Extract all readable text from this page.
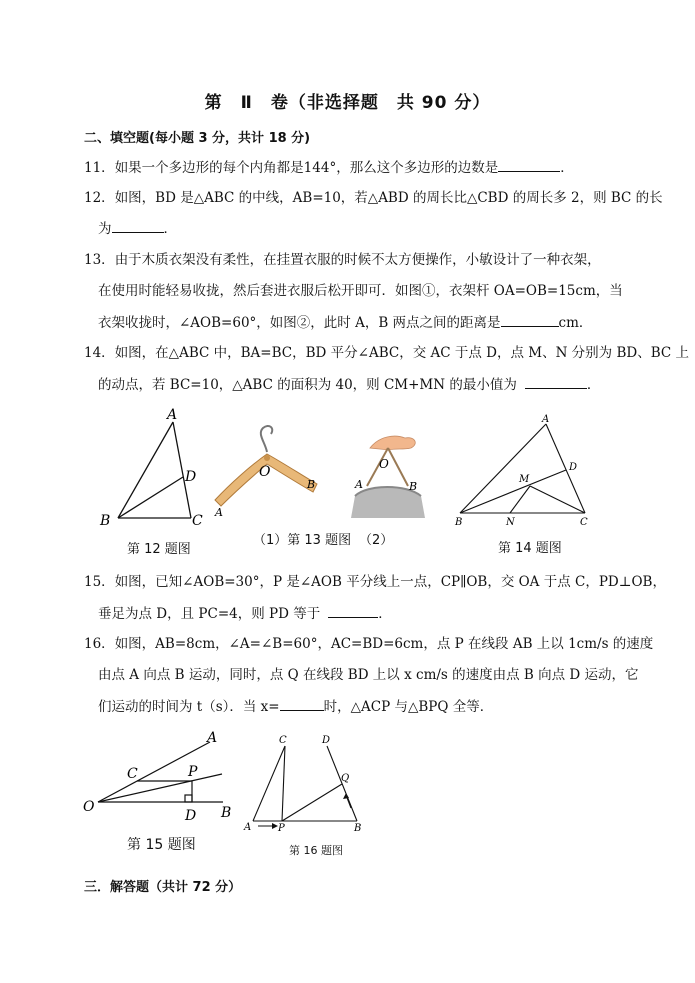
第　Ⅱ　卷（非选择题　共 90 分）
二、填空题(每小题 3 分，共计 18 分)
11．如果一个多边形的每个内角都是144°，那么这个多边形的边数是	．
12．如图，BD 是△ABC 的中线，AB=10，若△ABD 的周长比△CBD 的周长多 2，则 BC 的长
为	．
13．由于木质衣架没有柔性，在挂置衣服的时候不太方便操作，小敏设计了一种衣架，
在使用时能轻易收拢，然后套进衣服后松开即可．如图①，衣架杆 OA=OB=15cm，当
衣架收拢时，∠AOB=60°，如图②，此时 A，B 两点之间的距离是	cm．
14．如图，在△ABC 中，BA=BC，BD 平分∠ABC，交 AC 于点 D，点 M、N 分别为 BD、BC 上
的动点，若 BC=10，△ABC 的面积为 40，则 CM+MN 的最小值为	．
A
B	C
D
第 12 题图
O
A
B
O
A	B
（1）第 13 题图 （2）
A
B	C
D
M
N
第 14 题图
15．如图，已知∠AOB=30°，P 是∠AOB 平分线上一点，CP∥OB，交 OA 于点 C，PD⊥OB，
垂足为点 D，且 PC=4，则 PD 等于	．
16．如图，AB=8cm，∠A=∠B=60°，AC=BD=6cm，点 P 在线段 AB 上以 1cm/s 的速度
由点 A 向点 B 运动，同时，点 Q 在线段 BD 上以 x cm/s 的速度由点 B 向点 D 运动，它
们运动的时间为 t（s）．当 x=	时，△ACP 与△BPQ 全等．
A
B
C
D
O
P
第 15 题图
A	B
C	D
P
Q
第 16 题图
三．解答题（共计 72 分）
